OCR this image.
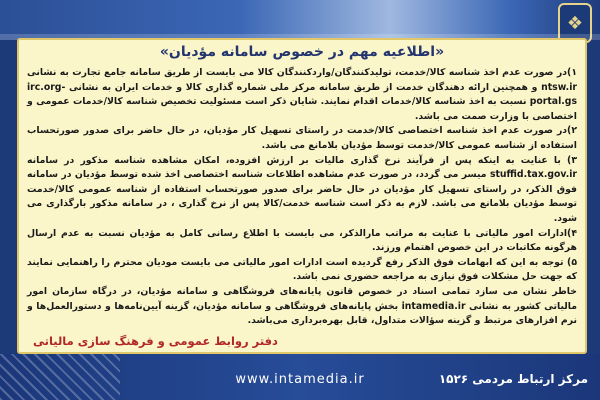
❖
«اطلاعیه مهم در خصوص سامانه مؤدیان»

۱)در صورت عدم اخذ شناسه کالا/خدمت، تولیدکنندگان/واردکنندگان کالا می بایست از طریق سامانه جامع تجارت به نشانی ntsw.ir و همچنین ارائه دهندگان خدمت از طریق سامانه مرکز ملی شماره گذاری کالا و خدمات ایران به نشانی irc.org-portal.gs نسبت به اخذ شناسه کالا/خدمات اقدام نمایند. شایان ذکر است مسئولیت تخصیص شناسه کالا/خدمات عمومی و اختصاصی با وزارت صمت می باشد.

۲)در صورت عدم اخذ شناسه اختصاصی کالا/خدمت در راستای تسهیل کار مؤدیان، در حال حاضر برای صدور صورتحساب استفاده از شناسه عمومی کالا/خدمت توسط مؤدیان بلامانع می باشد.

۳) با عنایت به اینکه پس از فرآیند نرخ گذاری مالیات بر ارزش افزوده، امکان مشاهده شناسه مذکور در سامانه stuffid.tax.gov.ir میسر می گردد، در صورت عدم مشاهده اطلاعات شناسه اختصاصی اخذ شده توسط مؤدیان در سامانه فوق الذکر، در راستای تسهیل کار مؤدیان در حال حاضر برای صدور صورتحساب استفاده از شناسه عمومی کالا/خدمت توسط مؤدیان بلامانع می باشد. لازم به ذکر است شناسه خدمت/کالا پس از نرخ گذاری ، در سامانه مذکور بارگذاری می شود.

۴)ادارات امور مالیاتی با عنایت به مراتب مارالذکر، می بایست با اطلاع رسانی کامل به مؤدیان نسبت به عدم ارسال هرگونه مکاتبات در این خصوص اهتمام ورزند.

۵) توجه به این که ابهامات فوق الذکر رفع گردیده است ادارات امور مالیاتی می بایست مودیان محترم را راهنمایی نمایند که جهت حل مشکلات فوق نیازی به مراجعه حضوری نمی باشد.

خاطر نشان می سازد تمامی اسناد در خصوص قانون پایانه‌های فروشگاهی و سامانه مؤدیان، در درگاه سازمان امور مالیاتی کشور به نشانی intamedia.ir بخش پایانه‌های فروشگاهی و سامانه مؤدیان، گزینه آیین‌نامه‌ها و دستورالعمل‌ها و نرم افزارهای مرتبط و گزینه سؤالات متداول، قابل بهره‌برداری می‌باشد.

دفتر روابط عمومی و فرهنگ سازی مالیاتی
www.intamedia.ir	مرکز ارتباط مردمی ۱۵۲۶
